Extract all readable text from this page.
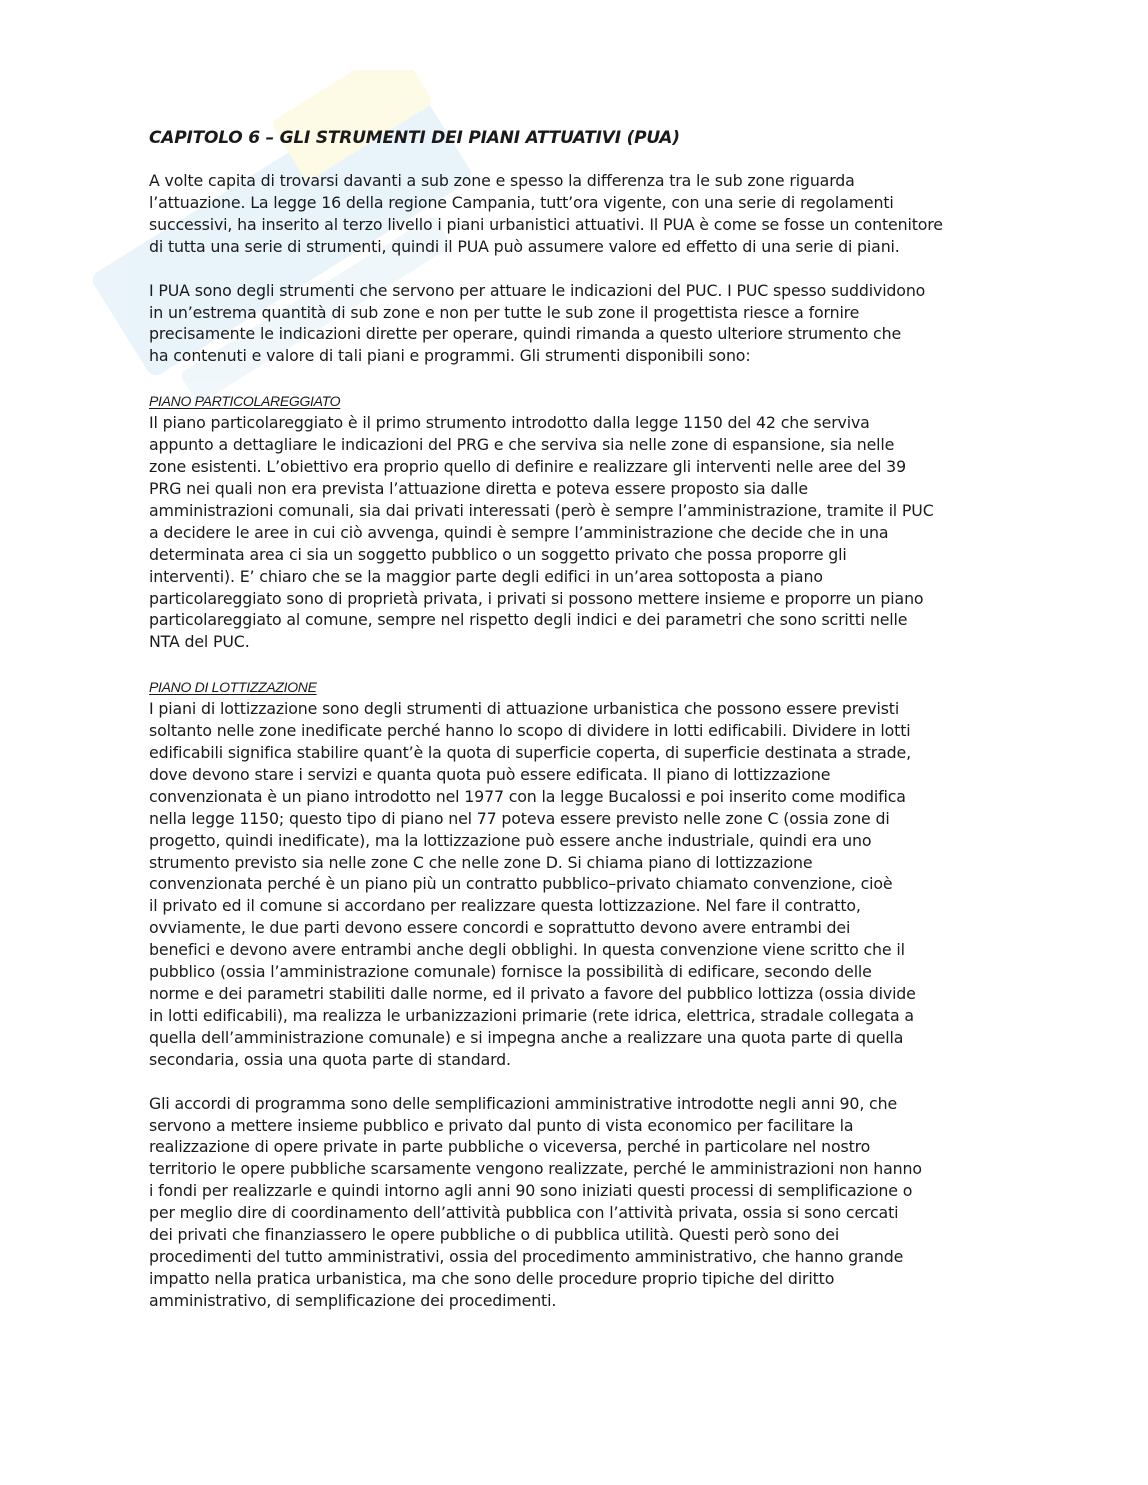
CAPITOLO 6 – GLI STRUMENTI DEI PIANI ATTUATIVI (PUA)
A volte capita di trovarsi davanti a sub zone e spesso la differenza tra le sub zone riguarda
l’attuazione. La legge 16 della regione Campania, tutt’ora vigente, con una serie di regolamenti
successivi, ha inserito al terzo livello i piani urbanistici attuativi. Il PUA è come se fosse un contenitore
di tutta una serie di strumenti, quindi il PUA può assumere valore ed effetto di una serie di piani.
I PUA sono degli strumenti che servono per attuare le indicazioni del PUC. I PUC spesso suddividono
in un’estrema quantità di sub zone e non per tutte le sub zone il progettista riesce a fornire
precisamente le indicazioni dirette per operare, quindi rimanda a questo ulteriore strumento che
ha contenuti e valore di tali piani e programmi. Gli strumenti disponibili sono:
PIANO PARTICOLAREGGIATO
Il piano particolareggiato è il primo strumento introdotto dalla legge 1150 del 42 che serviva
appunto a dettagliare le indicazioni del PRG e che serviva sia nelle zone di espansione, sia nelle
zone esistenti. L’obiettivo era proprio quello di definire e realizzare gli interventi nelle aree del 39
PRG nei quali non era prevista l’attuazione diretta e poteva essere proposto sia dalle
amministrazioni comunali, sia dai privati interessati (però è sempre l’amministrazione, tramite il PUC
a decidere le aree in cui ciò avvenga, quindi è sempre l’amministrazione che decide che in una
determinata area ci sia un soggetto pubblico o un soggetto privato che possa proporre gli
interventi). E’ chiaro che se la maggior parte degli edifici in un’area sottoposta a piano
particolareggiato sono di proprietà privata, i privati si possono mettere insieme e proporre un piano
particolareggiato al comune, sempre nel rispetto degli indici e dei parametri che sono scritti nelle
NTA del PUC.
PIANO DI LOTTIZZAZIONE
I piani di lottizzazione sono degli strumenti di attuazione urbanistica che possono essere previsti
soltanto nelle zone inedificate perché hanno lo scopo di dividere in lotti edificabili. Dividere in lotti
edificabili significa stabilire quant’è la quota di superficie coperta, di superficie destinata a strade,
dove devono stare i servizi e quanta quota può essere edificata. Il piano di lottizzazione
convenzionata è un piano introdotto nel 1977 con la legge Bucalossi e poi inserito come modifica
nella legge 1150; questo tipo di piano nel 77 poteva essere previsto nelle zone C (ossia zone di
progetto, quindi inedificate), ma la lottizzazione può essere anche industriale, quindi era uno
strumento previsto sia nelle zone C che nelle zone D. Si chiama piano di lottizzazione
convenzionata perché è un piano più un contratto pubblico–privato chiamato convenzione, cioè
il privato ed il comune si accordano per realizzare questa lottizzazione. Nel fare il contratto,
ovviamente, le due parti devono essere concordi e soprattutto devono avere entrambi dei
benefici e devono avere entrambi anche degli obblighi. In questa convenzione viene scritto che il
pubblico (ossia l’amministrazione comunale) fornisce la possibilità di edificare, secondo delle
norme e dei parametri stabiliti dalle norme, ed il privato a favore del pubblico lottizza (ossia divide
in lotti edificabili), ma realizza le urbanizzazioni primarie (rete idrica, elettrica, stradale collegata a
quella dell’amministrazione comunale) e si impegna anche a realizzare una quota parte di quella
secondaria, ossia una quota parte di standard.
Gli accordi di programma sono delle semplificazioni amministrative introdotte negli anni 90, che
servono a mettere insieme pubblico e privato dal punto di vista economico per facilitare la
realizzazione di opere private in parte pubbliche o viceversa, perché in particolare nel nostro
territorio le opere pubbliche scarsamente vengono realizzate, perché le amministrazioni non hanno
i fondi per realizzarle e quindi intorno agli anni 90 sono iniziati questi processi di semplificazione o
per meglio dire di coordinamento dell’attività pubblica con l’attività privata, ossia si sono cercati
dei privati che finanziassero le opere pubbliche o di pubblica utilità. Questi però sono dei
procedimenti del tutto amministrativi, ossia del procedimento amministrativo, che hanno grande
impatto nella pratica urbanistica, ma che sono delle procedure proprio tipiche del diritto
amministrativo, di semplificazione dei procedimenti.
